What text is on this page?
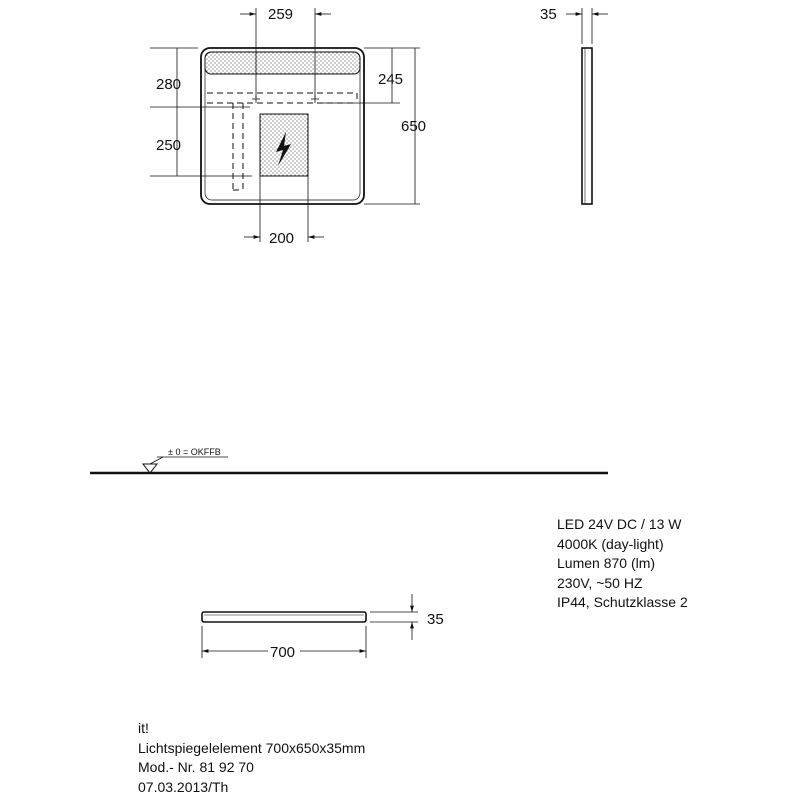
259
280
250
245
650
200
35
± 0 = OKFFB
35
700
LED 24V DC / 13 W
4000K (day-light)
Lumen 870 (lm)
230V, ~50 HZ
IP44, Schutzklasse 2
it!
Lichtspiegelelement 700x650x35mm
Mod.- Nr. 81 92 70
07.03.2013/Th
